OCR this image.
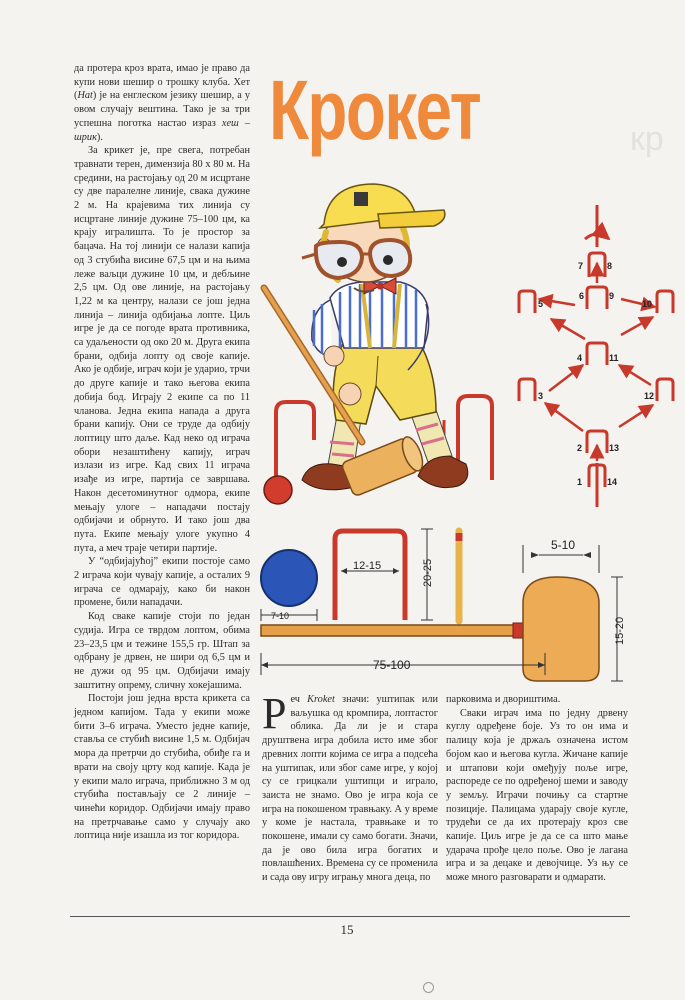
кр
Крокет

да протера кроз врата, имао је право да купи нови шешир о трошку клуба. Хет (Hat) је на енглеском језику шешир, а у овом случају вештина. Тако је за три успешна поготка настао израз хеш – шрик).

За крикет је, пре свега, потребан травнати терен, димензија 80 х 80 м. На средини, на растојању од 20 м исцртане су две паралелне линије, свака дужине 2 м. На крајевима тих линија су исцртане линије дужине 75–100 цм, ка крају игралишта. То је простор за бацача. На тој линији се налази капија од 3 стубића висине 67,5 цм и на њима леже ваљци дужине 10 цм, и дебљине 2,5 цм. Од ове линије, на растојању 1,22 м ка центру, налази се још једна линија – линија одбијања лопте. Циљ игре је да се погоде врата противника, са удаљености од око 20 м. Друга екипа брани, одбија лопту од своје капије. Ако је одбије, играч који је ударио, трчи до друге капије и тако његова екипа добија бод. Играју 2 екипе са по 11 чланова. Једна екипа напада а друга брани капију. Они се труде да одбију лоптицу што даље. Кад неко од играча обори незаштићену капију, играч излази из игре. Кад свих 11 играча изађе из игре, партија се завршава. Након десетоминутног одмора, екипе мењају улоге – нападачи постају одбијачи и обрнуто. И тако још два пута. Екипе мењају улоге укупно 4 пута, а меч траје четири партије.

У “одбијајућој” екипи постоје само 2 играча који чувају капије, а осталих 9 играча се одмарају, како би након промене, били нападачи.

Код сваке капије стоји по један судија. Игра се тврдом лоптом, обима 23–23,5 цм и тежине 155,5 гр. Штап за одбрану је дрвен, не шири од 6,5 цм и не дужи од 95 цм. Одбијачи имају заштитну опрему, сличну хокејашима.

Постоји још једна врста крикета са једном капијом. Тада у екипи може бити 3–6 играча. Уместо једне капије, ставља се стубић висине 1,5 м. Одбијач мора да претрчи до стубића, обиђе га и врати на своју црту код капије. Када је у екипи мало играча, приближно 3 м од стубића постављају се 2 линије – чинећи коридор. Одбијачи имају право на претрчавање само у случају ако лоптица није изашла из тог коридора.

7	8
6	9
5	10
4	11
3	12
2	13
1	14
7-10
12-15	20-25
75-100
5-10
15-20

Реч Kroket значи: уштипак или ваљушка од кромпира, лоптастог облика. Да ли је и стара друштвена игра добила исто име због древних лопти којима се игра а подсећа на уштипак, или због саме игре, у којој су се грицкали уштипци и играло, заиста не знамо. Ово је игра која се игра на покошеном травњаку. А у време у коме је настала, травњаке и то покошене, имали су само богати. Значи, да је ово била игра богатих и повлашћених. Времена су се променила и сада ову игру игрању многа деца, по

парковима и двориштима.

Сваки играч има по једну дрвену куглу одређене боје. Уз то он има и палицу која је држаљ означена истом бојом као и његова кугла. Жичане капије и штапови који омеђују поље игре, распореде се по одређеној шеми и заводу у земљу. Играчи почињу са стартне позиције. Палицама ударају своје кугле, трудећи се да их протерају кроз све капије. Циљ игре је да се са што мање ударача прође цело поље. Ово је лагана игра и за децаке и девојчице. Уз њу се може много разговарати и одмарати.

15
